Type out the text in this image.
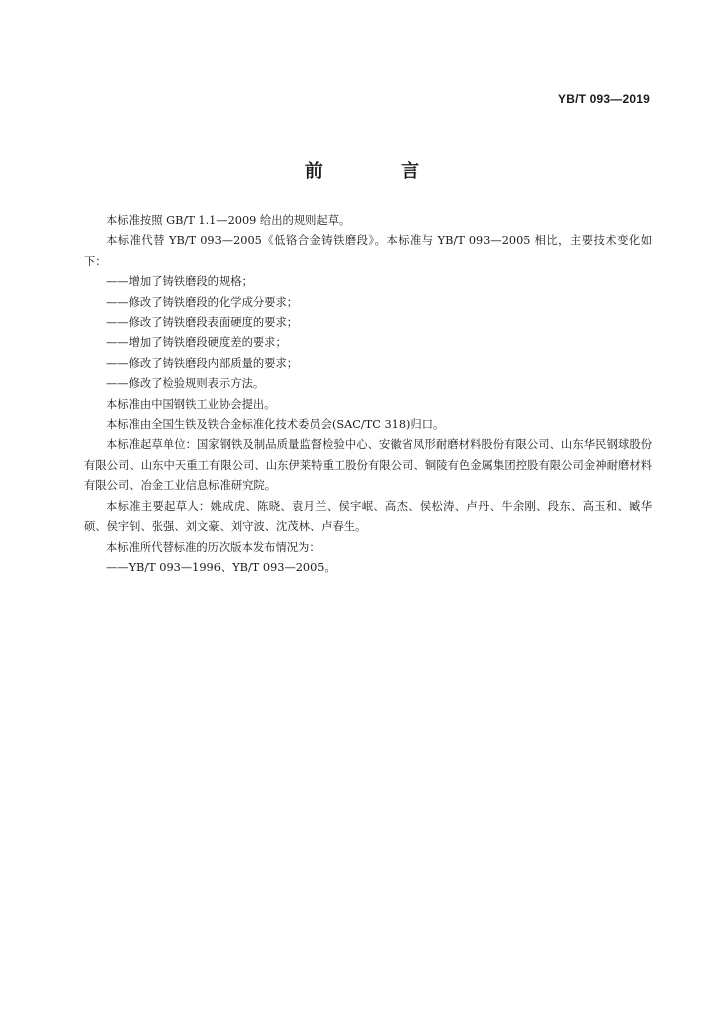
YB/T 093—2019
前 言

本标准按照 GB/T 1.1—2009 给出的规则起草。

本标准代替 YB/T 093—2005《低铬合金铸铁磨段》。本标准与 YB/T 093—2005 相比，主要技术变化如下：

——增加了铸铁磨段的规格；

——修改了铸铁磨段的化学成分要求；

——修改了铸铁磨段表面硬度的要求；

——增加了铸铁磨段硬度差的要求；

——修改了铸铁磨段内部质量的要求；

——修改了检验规则表示方法。

本标准由中国钢铁工业协会提出。

本标准由全国生铁及铁合金标准化技术委员会(SAC/TC 318)归口。

本标准起草单位：国家钢铁及制品质量监督检验中心、安徽省凤形耐磨材料股份有限公司、山东华民钢球股份有限公司、山东中天重工有限公司、山东伊莱特重工股份有限公司、铜陵有色金属集团控股有限公司金神耐磨材料有限公司、冶金工业信息标准研究院。

本标准主要起草人：姚成虎、陈晓、袁月兰、侯宇岷、高杰、侯松涛、卢丹、牛余刚、段东、高玉和、臧华硕、侯宇钊、张强、刘文豪、刘守波、沈茂林、卢春生。

本标准所代替标准的历次版本发布情况为：

——YB/T 093—1996、YB/T 093—2005。
